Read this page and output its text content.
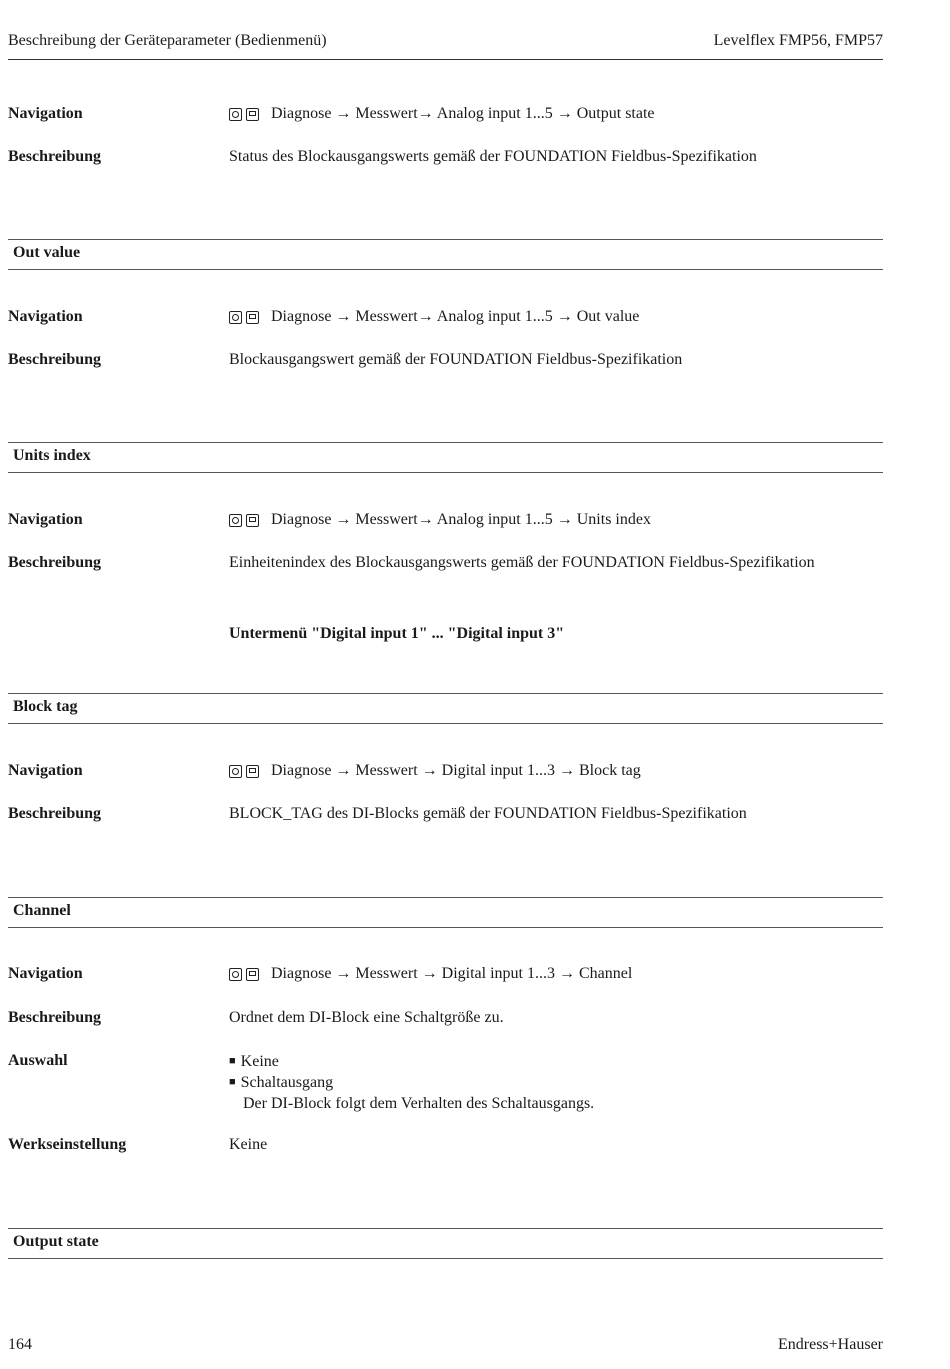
Beschreibung der Geräteparameter (Bedienmenü)	Levelflex FMP56, FMP57
Navigation	Diagnose → Messwert→ Analog input 1...5 → Output state
Beschreibung	Status des Blockausgangswerts gemäß der FOUNDATION Fieldbus-Spezifikation
Out value
Navigation	Diagnose → Messwert→ Analog input 1...5 → Out value
Beschreibung	Blockausgangswert gemäß der FOUNDATION Fieldbus-Spezifikation
Units index
Navigation	Diagnose → Messwert→ Analog input 1...5 → Units index
Beschreibung	Einheitenindex des Blockausgangswerts gemäß der FOUNDATION Fieldbus-Spezifikation
Untermenü "Digital input 1" ... "Digital input 3"
Block tag
Navigation	Diagnose → Messwert → Digital input 1...3 → Block tag
Beschreibung	BLOCK_TAG des DI-Blocks gemäß der FOUNDATION Fieldbus-Spezifikation
Channel
Navigation	Diagnose → Messwert → Digital input 1...3 → Channel
Beschreibung	Ordnet dem DI-Block eine Schaltgröße zu.
Auswahl
■	Keine
■ Schaltausgang
Der DI-Block folgt dem Verhalten des Schaltausgangs.
Werkseinstellung	Keine
Output state
164	Endress+Hauser
